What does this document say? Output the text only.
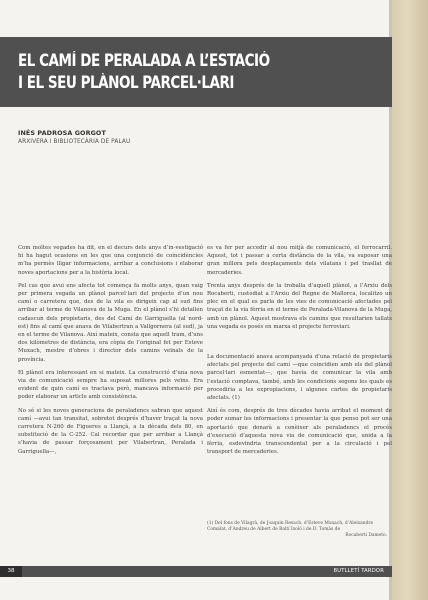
EL CAMÍ DE PERALADA A L’ESTACIÓ
I EL SEU PLÀNOL PARCEL·LARI
INÉS PADROSA GORGOT
ARXIVERA I BIBLIOTECÀRIA DE PALAU

Com moltes vegades ha dit, en el decurs dels anys d’in-vestigació hi ha hagut ocasions en les que una conjunció de coincidències m’ha permès lligar informacions, arribar a conclusions i elaborar noves aportacions per a la història local.

Pel cas que avui ens afecta tot comença fa molts anys, quan vaig per primera vegada un plànol parcel·lari del projecte d’un nou camí o carretera que, des de la vila es dirigeix cap al sud fins arribar al terme de Vilanova de la Muga. En el plànol s’hi detallen cadascun dels propietaris, des del Camí de Garriguella (al nord-est) fins al camí que anava de Vilabertran a Vallgornera (al sud), ja en el terme de Vilanova. Així mateix, consta que aquell tram, d’uns dos kilòmetres de distància, era còpia de l’original fet per Esteve Muxach, mestre d’obres i director dels camins veïnals de la província.

El plànol era interessant en si mateix. La construcció d’una nova via de comunicació sempre ha suposat millores pels veïns. Era evident de quin camí es tractava però, mancava informació per poder elaborar un article amb consistència.

No sé si les noves generacions de peraladencs sabran que aquest camí —avui tan transitat, sobretot després d’haver traçat la nova carretera N-260 de Figueres a Llançà, a la dècada dels 80, en substitució de la C-252. Cal recordar que per arribar a Llançà s’havia de passar forçosament per Vilabertran, Peralada i Garriguella—,

es va fer per accedir al nou mitjà de comunicació, el ferrocarril. Aquest, tot i passar a certa distància de la vila, va suposar una gran millora pels desplaçaments dels vilatans i pel trasllat de mercaderies.

Trenta anys després de la troballa d’aquell plànol, a l’Arxiu dels Rocaberti, custodiat a l’Arxiu del Regne de Mallorca, localitzo un plec en el qual es parla de les vies de comunicació afectades pel traçat de la via fèrria en el terme de Peralada-Vilanova de la Muga, amb un plànol. Aquest mostrava els camins que resultarien tallats una vegada es posés en marxa el projecte ferroviari.

La documentació anava acompanyada d’una relació de propietaris afectats pel projecte del camí —que coincidien amb els del plànol parcel·lari esmentat—, que havia de comunicar la vila amb l’estació comptava, també, amb les condicions segons les quals es procediria a les expropiacions, i algunes cartes de propietaris afectats. (1)

Així és com, després de tres dècades havia arribat el moment de poder sumar les informacions i presentar la que penso pot ser una aportació que donarà a conèixer als peraladencs el procés d’execució d’aquesta nova via de comunicació que, unida a la fèrria, esdevindria transcendental per a la circulació i pel transport de mercaderies.

(1) Del fons de Vilagrà, de Joaquin Resach, d’Esteve Muxach, d’Aleixandre Comalat, d’Andreu de Albert de Baltí Ixoló i de D. Tomàs de
Rocaberti Dameto.
38	BUTLLETÍ TARDOR
